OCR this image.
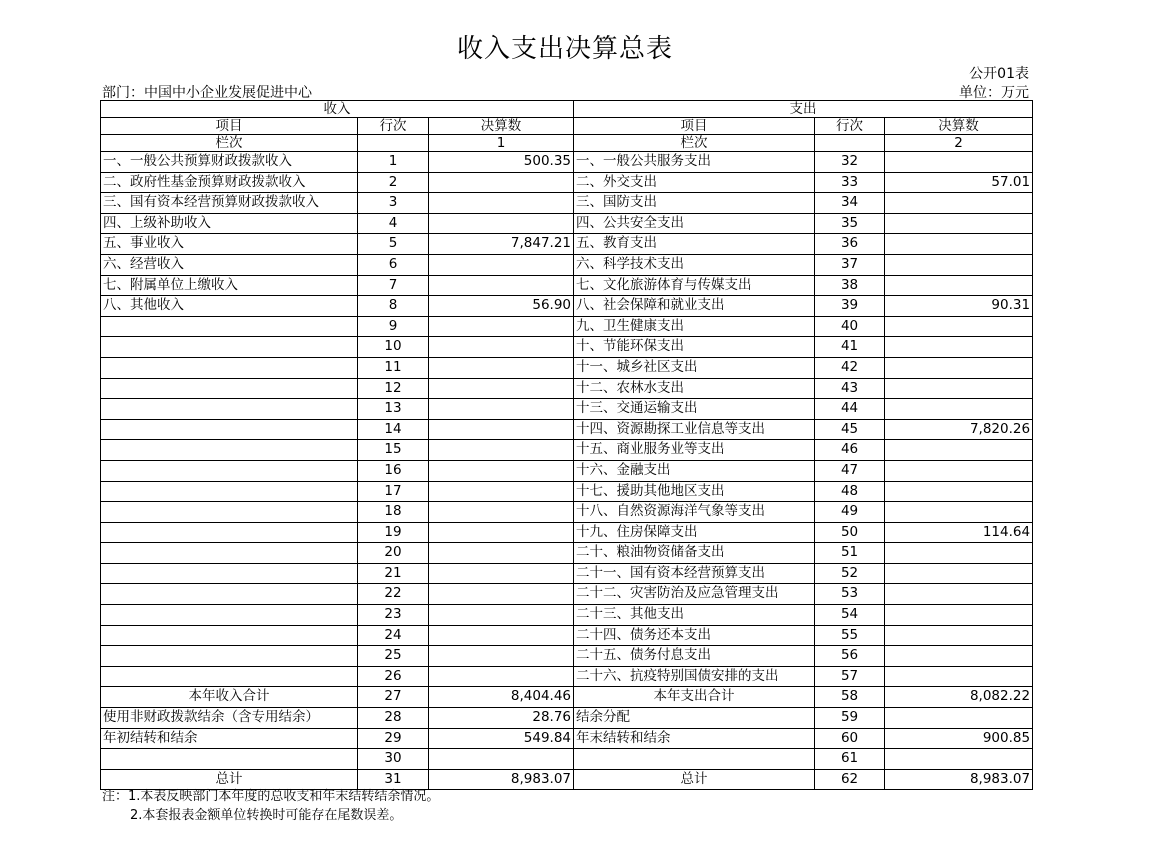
收入支出决算总表
公开01表
部门：中国中小企业发展促进中心	单位：万元
收入			支出		
项目	行次	决算数	项目	行次	决算数
栏次		1	栏次		2
一、一般公共预算财政拨款收入	1	500.35	一、一般公共服务支出	32	
二、政府性基金预算财政拨款收入	2		二、外交支出	33	57.01
三、国有资本经营预算财政拨款收入	3		三、国防支出	34	
四、上级补助收入	4		四、公共安全支出	35	
五、事业收入	5	7,847.21	五、教育支出	36	
六、经营收入	6		六、科学技术支出	37	
七、附属单位上缴收入	7		七、文化旅游体育与传媒支出	38	
八、其他收入	8	56.90	八、社会保障和就业支出	39	90.31
	9		九、卫生健康支出	40	
	10		十、节能环保支出	41	
	11		十一、城乡社区支出	42	
	12		十二、农林水支出	43	
	13		十三、交通运输支出	44	
	14		十四、资源勘探工业信息等支出	45	7,820.26
	15		十五、商业服务业等支出	46	
	16		十六、金融支出	47	
	17		十七、援助其他地区支出	48	
	18		十八、自然资源海洋气象等支出	49	
	19		十九、住房保障支出	50	114.64
	20		二十、粮油物资储备支出	51	
	21		二十一、国有资本经营预算支出	52	
	22		二十二、灾害防治及应急管理支出	53	
	23		二十三、其他支出	54	
	24		二十四、债务还本支出	55	
	25		二十五、债务付息支出	56	
	26		二十六、抗疫特别国债安排的支出	57	
本年收入合计	27	8,404.46	本年支出合计	58	8,082.22
使用非财政拨款结余（含专用结余）	28	28.76	结余分配	59	
年初结转和结余	29	549.84	年末结转和结余	60	900.85
	30			61	
总计	31	8,983.07	总计	62	8,983.07
注：1.本表反映部门本年度的总收支和年末结转结余情况。
2.本套报表金额单位转换时可能存在尾数误差。
